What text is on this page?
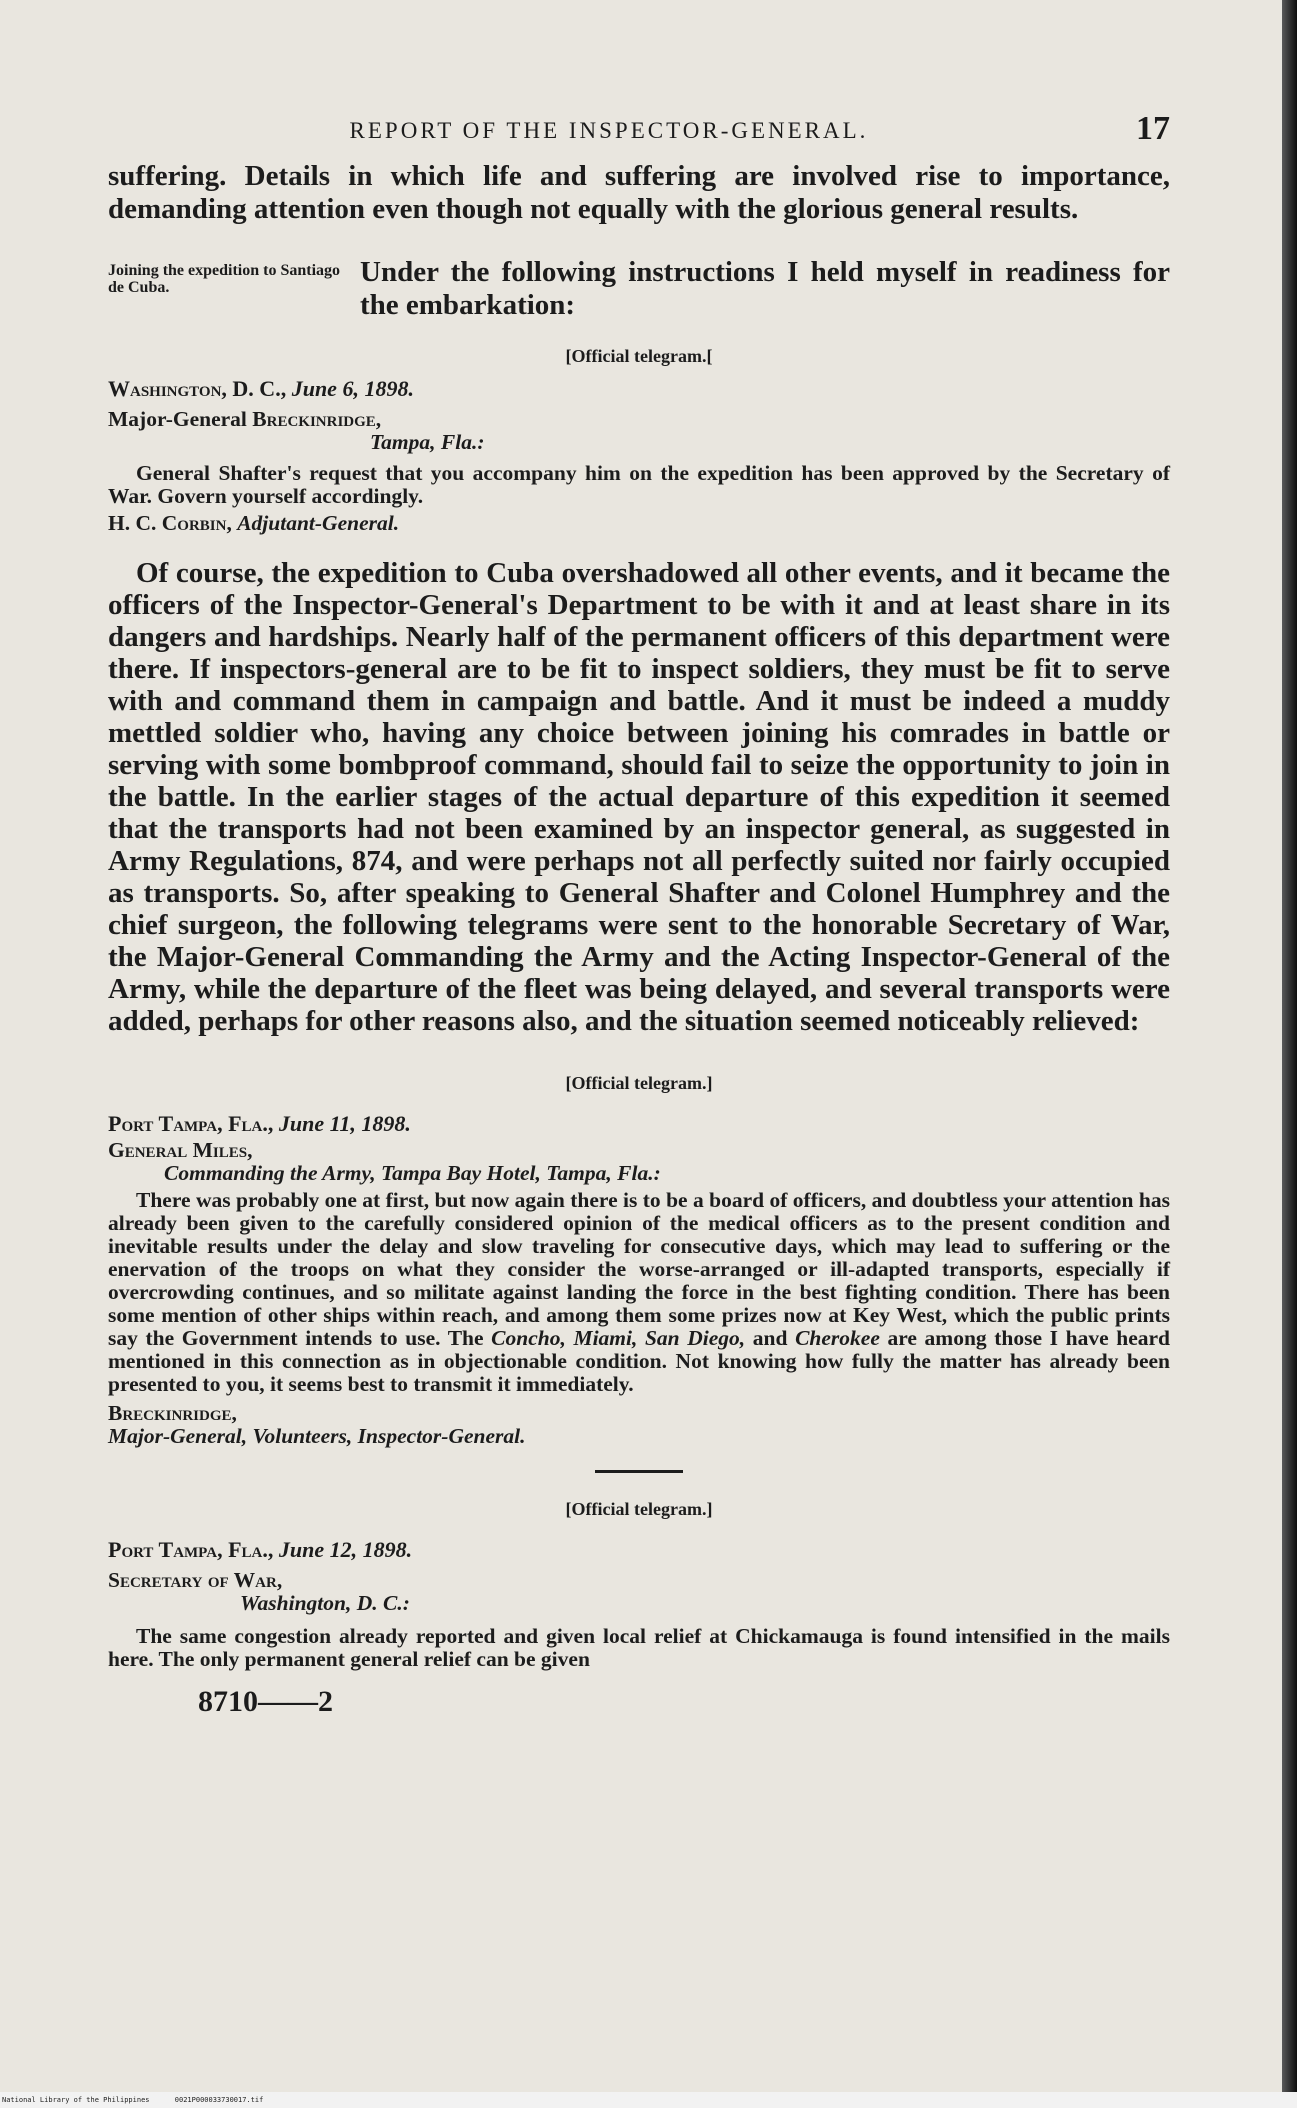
REPORT OF THE INSPECTOR-GENERAL.	17

suffering. Details in which life and suffering are involved rise to importance, demanding attention even though not equally with the glorious general results.

Joining the expedition to Santiago de Cuba.	Under the following instructions I held myself in readiness for the embarkation:

[Official telegram.[

Washington, D. C., June 6, 1898.

Major-General Breckinridge,

Tampa, Fla.:

General Shafter's request that you accompany him on the expedition has been approved by the Secretary of War. Govern yourself accordingly.

H. C. Corbin, Adjutant-General.

Of course, the expedition to Cuba overshadowed all other events, and it became the officers of the Inspector-General's Department to be with it and at least share in its dangers and hardships. Nearly half of the permanent officers of this department were there. If inspectors-general are to be fit to inspect soldiers, they must be fit to serve with and command them in campaign and battle. And it must be indeed a muddy mettled soldier who, having any choice between joining his comrades in battle or serving with some bombproof command, should fail to seize the opportunity to join in the battle. In the earlier stages of the actual departure of this expedition it seemed that the transports had not been examined by an inspector general, as suggested in Army Regulations, 874, and were perhaps not all perfectly suited nor fairly occupied as transports. So, after speaking to General Shafter and Colonel Humphrey and the chief surgeon, the following telegrams were sent to the honorable Secretary of War, the Major-General Commanding the Army and the Acting Inspector-General of the Army, while the departure of the fleet was being delayed, and several transports were added, perhaps for other reasons also, and the situation seemed noticeably relieved:

[Official telegram.]

Port Tampa, Fla., June 11, 1898.

General Miles,

Commanding the Army, Tampa Bay Hotel, Tampa, Fla.:

There was probably one at first, but now again there is to be a board of officers, and doubtless your attention has already been given to the carefully considered opinion of the medical officers as to the present condition and inevitable results under the delay and slow traveling for consecutive days, which may lead to suffering or the enervation of the troops on what they consider the worse-arranged or ill-adapted transports, especially if overcrowding continues, and so militate against landing the force in the best fighting condition. There has been some mention of other ships within reach, and among them some prizes now at Key West, which the public prints say the Government intends to use. The Concho, Miami, San Diego, and Cherokee are among those I have heard mentioned in this connection as in objectionable condition. Not knowing how fully the matter has already been presented to you, it seems best to transmit it immediately.

Breckinridge,

Major-General, Volunteers, Inspector-General.

[Official telegram.]

Port Tampa, Fla., June 12, 1898.

Secretary of War,

Washington, D. C.:

The same congestion already reported and given local relief at Chickamauga is found intensified in the mails here. The only permanent general relief can be given

8710——2

National Library of the Philippines      0021P000033730017.tif
